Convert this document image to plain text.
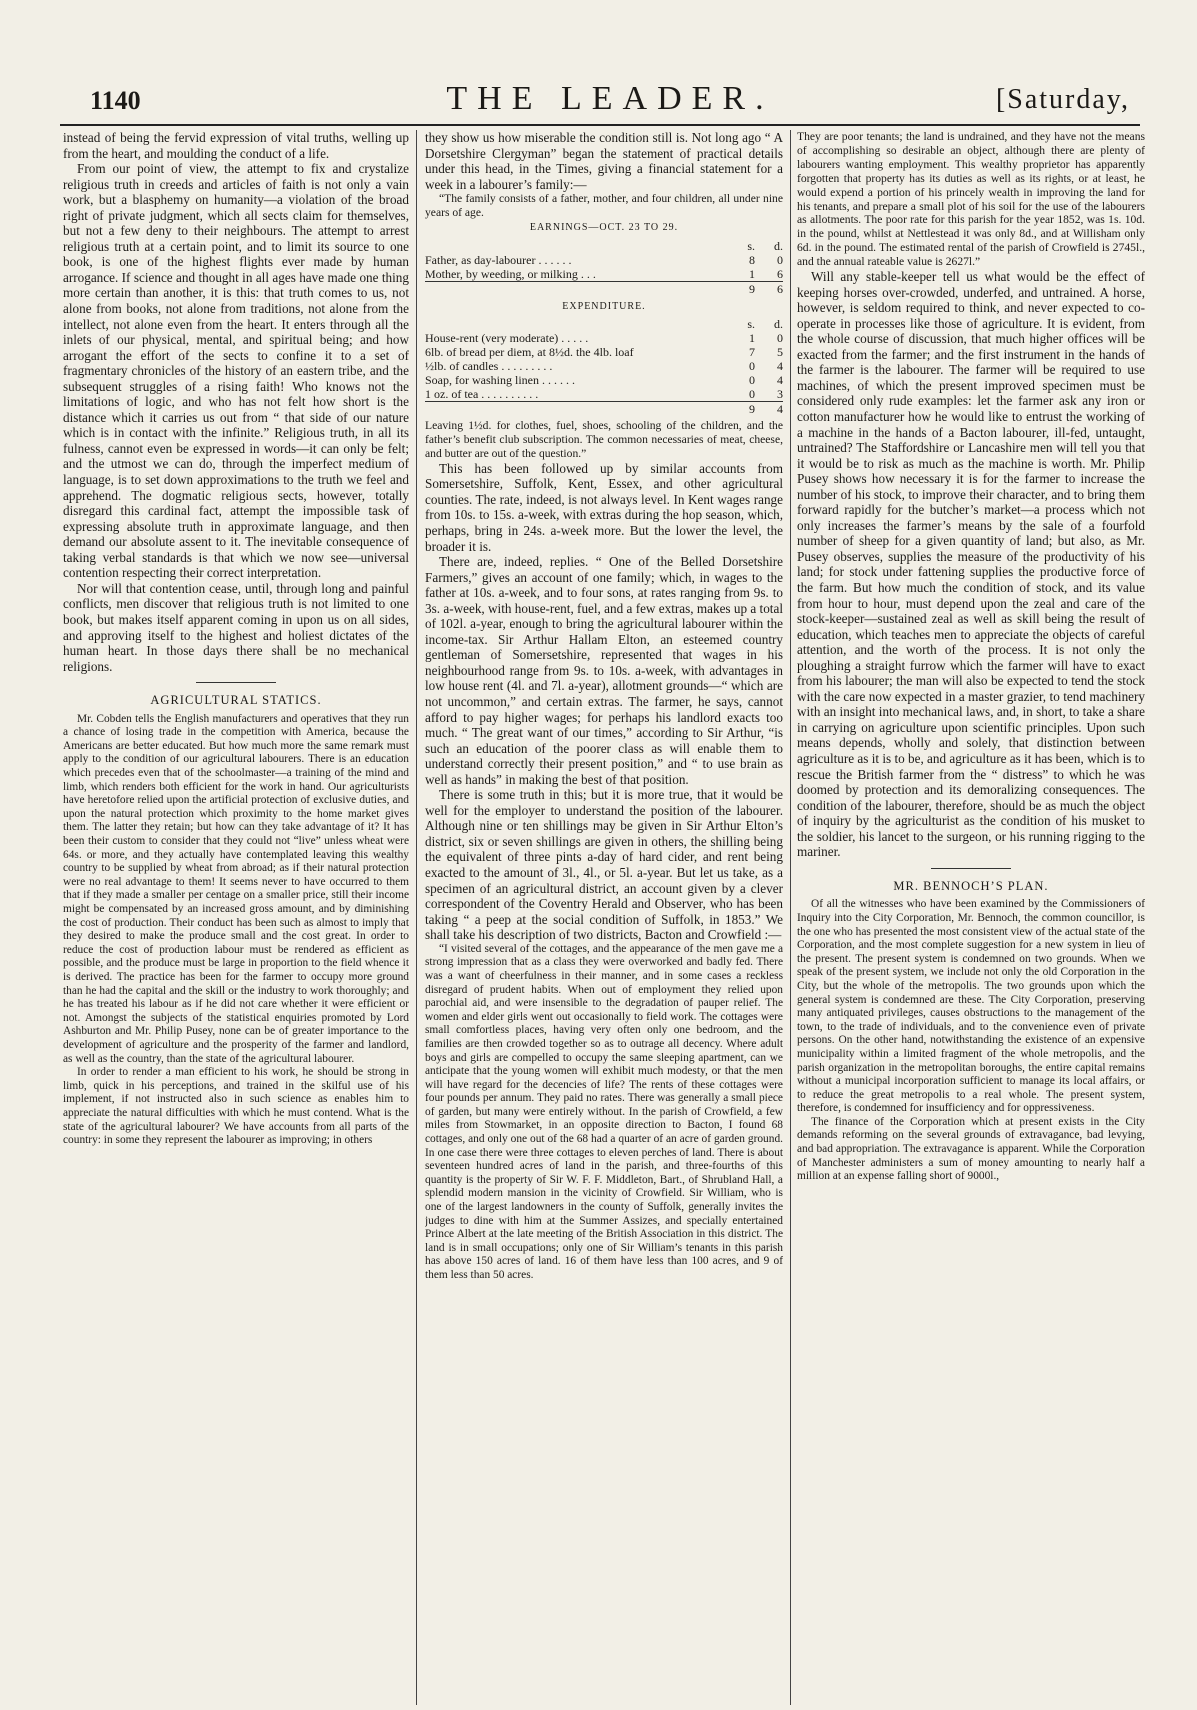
1140	THE LEADER.	[Saturday,

instead of being the fervid expression of vital truths, welling up from the heart, and moulding the conduct of a life.

From our point of view, the attempt to fix and crystalize religious truth in creeds and articles of faith is not only a vain work, but a blasphemy on humanity—a violation of the broad right of private judgment, which all sects claim for themselves, but not a few deny to their neighbours. The attempt to arrest religious truth at a certain point, and to limit its source to one book, is one of the highest flights ever made by human arrogance. If science and thought in all ages have made one thing more certain than another, it is this: that truth comes to us, not alone from books, not alone from traditions, not alone from the intellect, not alone even from the heart. It enters through all the inlets of our physical, mental, and spiritual being; and how arrogant the effort of the sects to confine it to a set of fragmentary chronicles of the history of an eastern tribe, and the subsequent struggles of a rising faith! Who knows not the limitations of logic, and who has not felt how short is the distance which it carries us out from “ that side of our nature which is in contact with the infinite.” Religious truth, in all its fulness, cannot even be expressed in words—it can only be felt; and the utmost we can do, through the imperfect medium of language, is to set down approximations to the truth we feel and apprehend. The dogmatic religious sects, however, totally disregard this cardinal fact, attempt the impossible task of expressing absolute truth in approximate language, and then demand our absolute assent to it. The inevitable consequence of taking verbal standards is that which we now see—universal contention respecting their correct interpretation.

Nor will that contention cease, until, through long and painful conflicts, men discover that religious truth is not limited to one book, but makes itself apparent coming in upon us on all sides, and approving itself to the highest and holiest dictates of the human heart. In those days there shall be no mechanical religions.

AGRICULTURAL STATICS.

Mr. Cobden tells the English manufacturers and operatives that they run a chance of losing trade in the competition with America, because the Americans are better educated. But how much more the same remark must apply to the condition of our agricultural labourers. There is an education which precedes even that of the schoolmaster—a training of the mind and limb, which renders both efficient for the work in hand. Our agriculturists have heretofore relied upon the artificial protection of exclusive duties, and upon the natural protection which proximity to the home market gives them. The latter they retain; but how can they take advantage of it? It has been their custom to consider that they could not “live” unless wheat were 64s. or more, and they actually have contemplated leaving this wealthy country to be supplied by wheat from abroad; as if their natural protection were no real advantage to them! It seems never to have occurred to them that if they made a smaller per centage on a smaller price, still their income might be compensated by an increased gross amount, and by diminishing the cost of production. Their conduct has been such as almost to imply that they desired to make the produce small and the cost great. In order to reduce the cost of production labour must be rendered as efficient as possible, and the produce must be large in proportion to the field whence it is derived. The practice has been for the farmer to occupy more ground than he had the capital and the skill or the industry to work thoroughly; and he has treated his labour as if he did not care whether it were efficient or not. Amongst the subjects of the statistical enquiries promoted by Lord Ashburton and Mr. Philip Pusey, none can be of greater importance to the development of agriculture and the prosperity of the farmer and landlord, as well as the country, than the state of the agricultural labourer.

In order to render a man efficient to his work, he should be strong in limb, quick in his perceptions, and trained in the skilful use of his implement, if not instructed also in such science as enables him to appreciate the natural difficulties with which he must contend. What is the state of the agricultural labourer? We have accounts from all parts of the country: in some they represent the labourer as improving; in others

they show us how miserable the condition still is. Not long ago “ A Dorsetshire Clergyman” began the statement of practical details under this head, in the Times, giving a financial statement for a week in a labourer’s family:—

“The family consists of a father, mother, and four children, all under nine years of age.

EARNINGS—OCT. 23 TO 29.
	s.	d.
Father, as day-labourer . . . . . .	8	0
Mother, by weeding, or milking . . .	1	6
	9	6
EXPENDITURE.
	s.	d.
House-rent (very moderate) . . . . .	1	0
6lb. of bread per diem, at 8½d. the 4lb. loaf	7	5
½lb. of candles . . . . . . . . .	0	4
Soap, for washing linen . . . . . .	0	4
1 oz. of tea . . . . . . . . . .	0	3
	9	4

Leaving 1½d. for clothes, fuel, shoes, schooling of the children, and the father’s benefit club subscription. The common necessaries of meat, cheese, and butter are out of the question.”

This has been followed up by similar accounts from Somersetshire, Suffolk, Kent, Essex, and other agricultural counties. The rate, indeed, is not always level. In Kent wages range from 10s. to 15s. a-week, with extras during the hop season, which, perhaps, bring in 24s. a-week more. But the lower the level, the broader it is.

There are, indeed, replies. “ One of the Belled Dorsetshire Farmers,” gives an account of one family; which, in wages to the father at 10s. a-week, and to four sons, at rates ranging from 9s. to 3s. a-week, with house-rent, fuel, and a few extras, makes up a total of 102l. a-year, enough to bring the agricultural labourer within the income-tax. Sir Arthur Hallam Elton, an esteemed country gentleman of Somersetshire, represented that wages in his neighbourhood range from 9s. to 10s. a-week, with advantages in low house rent (4l. and 7l. a-year), allotment grounds—“ which are not uncommon,” and certain extras. The farmer, he says, cannot afford to pay higher wages; for perhaps his landlord exacts too much. “ The great want of our times,” according to Sir Arthur, “is such an education of the poorer class as will enable them to understand correctly their present position,” and “ to use brain as well as hands” in making the best of that position.

There is some truth in this; but it is more true, that it would be well for the employer to understand the position of the labourer. Although nine or ten shillings may be given in Sir Arthur Elton’s district, six or seven shillings are given in others, the shilling being the equivalent of three pints a-day of hard cider, and rent being exacted to the amount of 3l., 4l., or 5l. a-year. But let us take, as a specimen of an agricultural district, an account given by a clever correspondent of the Coventry Herald and Observer, who has been taking “ a peep at the social condition of Suffolk, in 1853.” We shall take his description of two districts, Bacton and Crowfield :—

“I visited several of the cottages, and the appearance of the men gave me a strong impression that as a class they were overworked and badly fed. There was a want of cheerfulness in their manner, and in some cases a reckless disregard of prudent habits. When out of employment they relied upon parochial aid, and were insensible to the degradation of pauper relief. The women and elder girls went out occasionally to field work. The cottages were small comfortless places, having very often only one bedroom, and the families are then crowded together so as to outrage all decency. Where adult boys and girls are compelled to occupy the same sleeping apartment, can we anticipate that the young women will exhibit much modesty, or that the men will have regard for the decencies of life? The rents of these cottages were four pounds per annum. They paid no rates. There was generally a small piece of garden, but many were entirely without. In the parish of Crowfield, a few miles from Stowmarket, in an opposite direction to Bacton, I found 68 cottages, and only one out of the 68 had a quarter of an acre of garden ground. In one case there were three cottages to eleven perches of land. There is about seventeen hundred acres of land in the parish, and three-fourths of this quantity is the property of Sir W. F. F. Middleton, Bart., of Shrubland Hall, a splendid modern mansion in the vicinity of Crowfield. Sir William, who is one of the largest landowners in the county of Suffolk, generally invites the judges to dine with him at the Summer Assizes, and specially entertained Prince Albert at the late meeting of the British Association in this district. The land is in small occupations; only one of Sir William’s tenants in this parish has above 150 acres of land. 16 of them have less than 100 acres, and 9 of them less than 50 acres.

They are poor tenants; the land is undrained, and they have not the means of accomplishing so desirable an object, although there are plenty of labourers wanting employment. This wealthy proprietor has apparently forgotten that property has its duties as well as its rights, or at least, he would expend a portion of his princely wealth in improving the land for his tenants, and prepare a small plot of his soil for the use of the labourers as allotments. The poor rate for this parish for the year 1852, was 1s. 10d. in the pound, whilst at Nettlestead it was only 8d., and at Willisham only 6d. in the pound. The estimated rental of the parish of Crowfield is 2745l., and the annual rateable value is 2627l.”

Will any stable-keeper tell us what would be the effect of keeping horses over-crowded, underfed, and untrained. A horse, however, is seldom required to think, and never expected to co-operate in processes like those of agriculture. It is evident, from the whole course of discussion, that much higher offices will be exacted from the farmer; and the first instrument in the hands of the farmer is the labourer. The farmer will be required to use machines, of which the present improved specimen must be considered only rude examples: let the farmer ask any iron or cotton manufacturer how he would like to entrust the working of a machine in the hands of a Bacton labourer, ill-fed, untaught, untrained? The Staffordshire or Lancashire men will tell you that it would be to risk as much as the machine is worth. Mr. Philip Pusey shows how necessary it is for the farmer to increase the number of his stock, to improve their character, and to bring them forward rapidly for the butcher’s market—a process which not only increases the farmer’s means by the sale of a fourfold number of sheep for a given quantity of land; but also, as Mr. Pusey observes, supplies the measure of the productivity of his land; for stock under fattening supplies the productive force of the farm. But how much the condition of stock, and its value from hour to hour, must depend upon the zeal and care of the stock-keeper—sustained zeal as well as skill being the result of education, which teaches men to appreciate the objects of careful attention, and the worth of the process. It is not only the ploughing a straight furrow which the farmer will have to exact from his labourer; the man will also be expected to tend the stock with the care now expected in a master grazier, to tend machinery with an insight into mechanical laws, and, in short, to take a share in carrying on agriculture upon scientific principles. Upon such means depends, wholly and solely, that distinction between agriculture as it is to be, and agriculture as it has been, which is to rescue the British farmer from the “ distress” to which he was doomed by protection and its demoralizing consequences. The condition of the labourer, therefore, should be as much the object of inquiry by the agriculturist as the condition of his musket to the soldier, his lancet to the surgeon, or his running rigging to the mariner.

MR. BENNOCH’S PLAN.

Of all the witnesses who have been examined by the Commissioners of Inquiry into the City Corporation, Mr. Bennoch, the common councillor, is the one who has presented the most consistent view of the actual state of the Corporation, and the most complete suggestion for a new system in lieu of the present. The present system is condemned on two grounds. When we speak of the present system, we include not only the old Corporation in the City, but the whole of the metropolis. The two grounds upon which the general system is condemned are these. The City Corporation, preserving many antiquated privileges, causes obstructions to the management of the town, to the trade of individuals, and to the convenience even of private persons. On the other hand, notwithstanding the existence of an expensive municipality within a limited fragment of the whole metropolis, and the parish organization in the metropolitan boroughs, the entire capital remains without a municipal incorporation sufficient to manage its local affairs, or to reduce the great metropolis to a real whole. The present system, therefore, is condemned for insufficiency and for oppressiveness.

The finance of the Corporation which at present exists in the City demands reforming on the several grounds of extravagance, bad levying, and bad appropriation. The extravagance is apparent. While the Corporation of Manchester administers a sum of money amounting to nearly half a million at an expense falling short of 9000l.,
